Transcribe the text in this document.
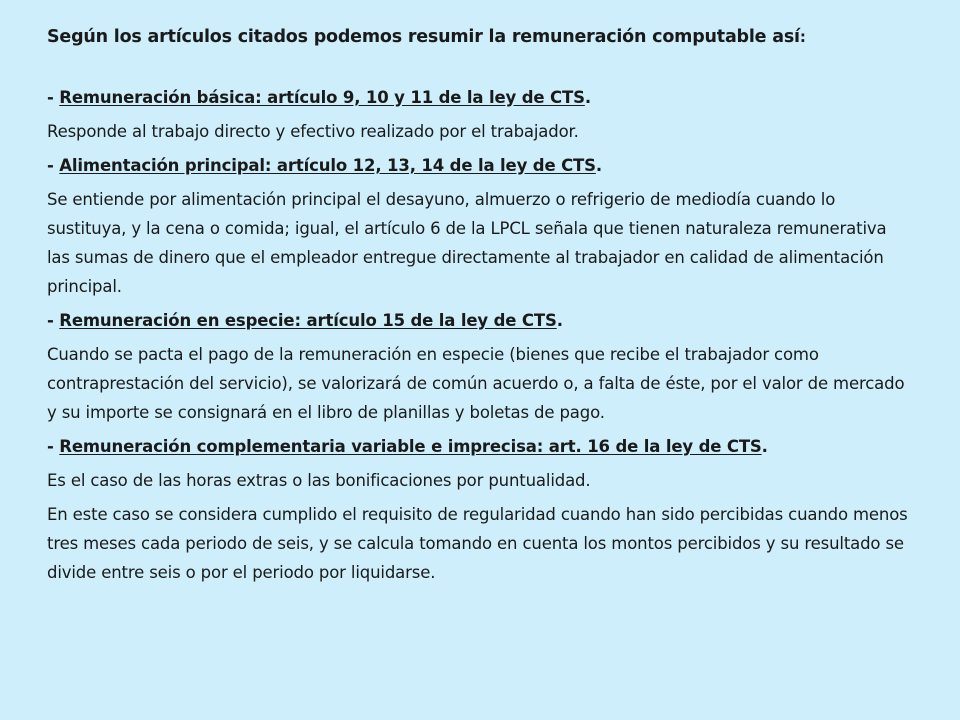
Según los artículos citados podemos resumir la remuneración computable así:

- Remuneración básica: artículo 9, 10 y 11 de la ley de CTS.

Responde al trabajo directo y efectivo realizado por el trabajador.

- Alimentación principal: artículo 12, 13, 14 de la ley de CTS.

Se entiende por alimentación principal el desayuno, almuerzo o refrigerio de mediodía cuando lo sustituya, y la cena o comida; igual, el artículo 6 de la LPCL señala que tienen naturaleza remunerativa las sumas de dinero que el empleador entregue directamente al trabajador en calidad de alimentación principal.

- Remuneración en especie: artículo 15 de la ley de CTS.

Cuando se pacta el pago de la remuneración en especie (bienes que recibe el trabajador como contraprestación del servicio), se valorizará de común acuerdo o, a falta de éste, por el valor de mercado y su importe se consignará en el libro de planillas y boletas de pago.

- Remuneración complementaria variable e imprecisa: art. 16 de la ley de CTS.

Es el caso de las horas extras o las bonificaciones por puntualidad.

En este caso se considera cumplido el requisito de regularidad cuando han sido percibidas cuando menos tres meses cada periodo de seis, y se calcula tomando en cuenta los montos percibidos y su resultado se divide entre seis o por el periodo por liquidarse.
